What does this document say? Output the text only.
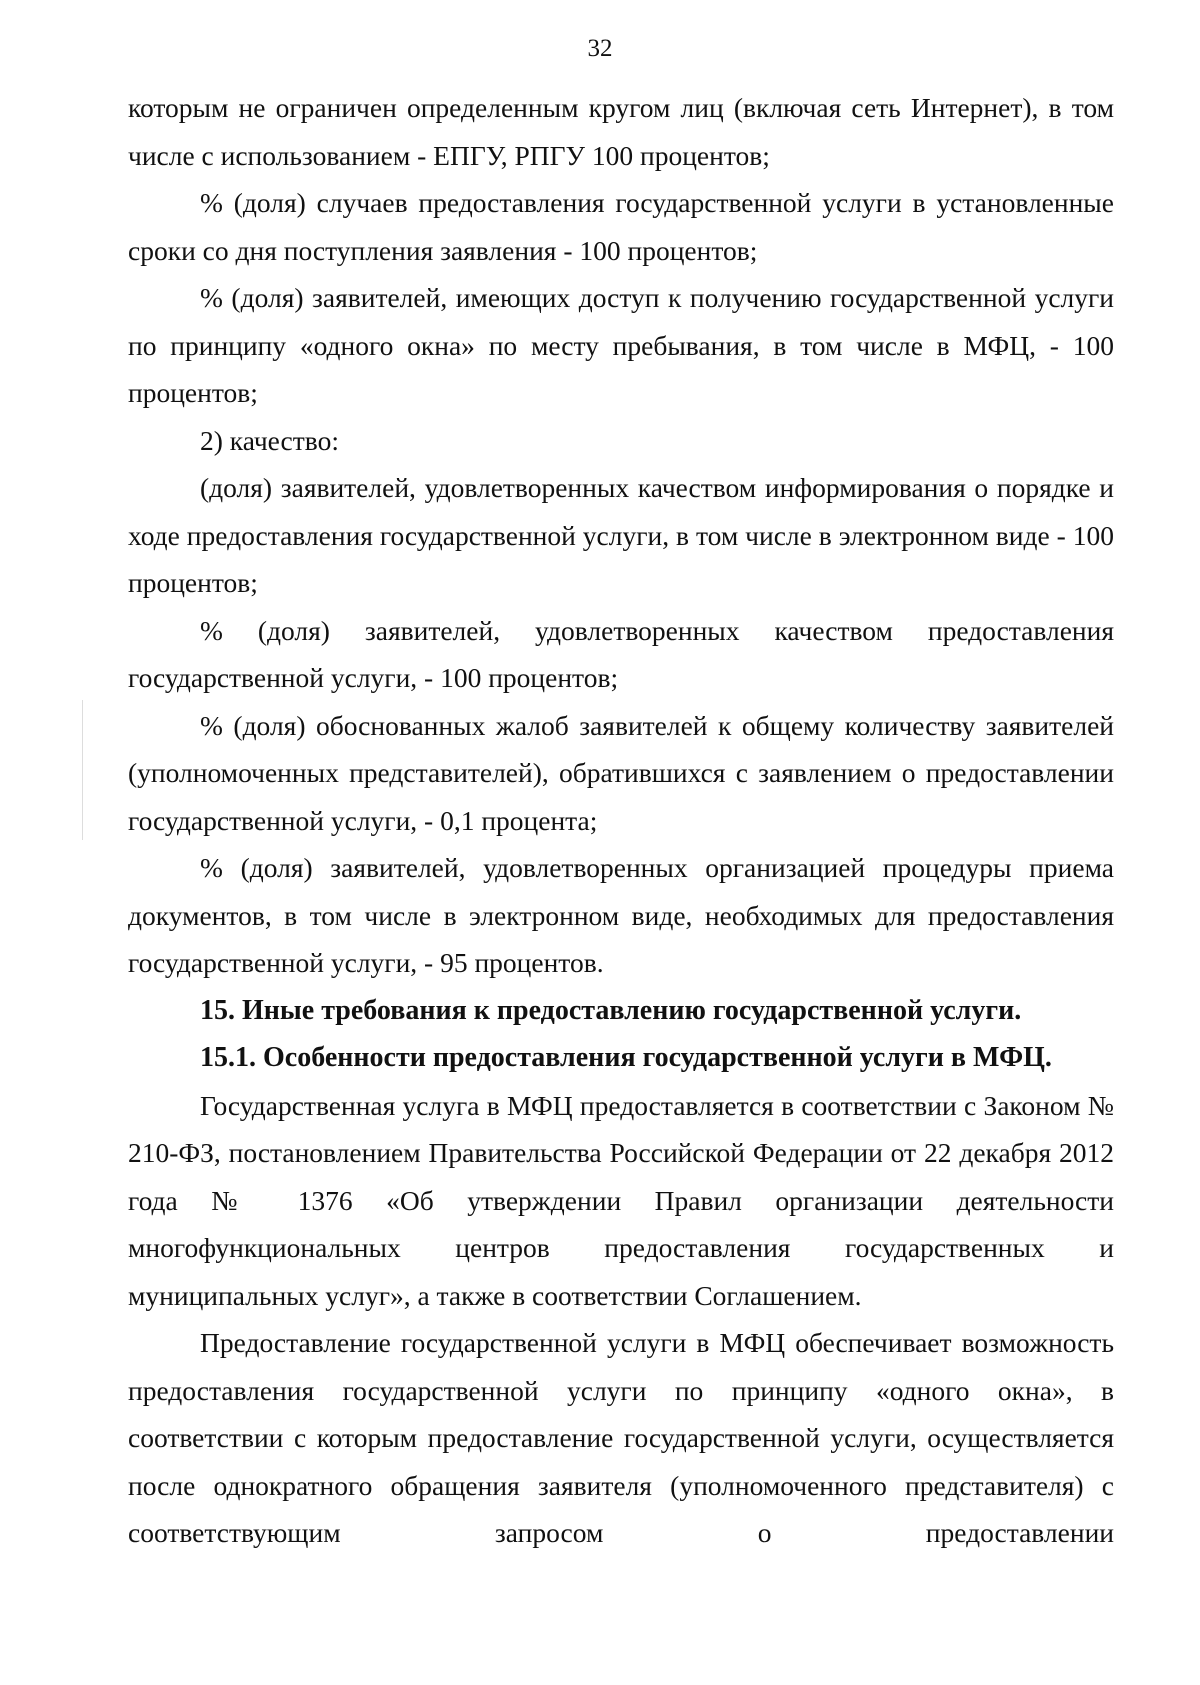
32

которым не ограничен определенным кругом лиц (включая сеть Интернет), в том числе с использованием - ЕПГУ, РПГУ 100 процентов;

% (доля) случаев предоставления государственной услуги в установленные сроки со дня поступления заявления - 100 процентов;

% (доля) заявителей, имеющих доступ к получению государственной услуги по принципу «одного окна» по месту пребывания, в том числе в МФЦ, - 100 процентов;

2) качество:

(доля) заявителей, удовлетворенных качеством информирования о порядке и ходе предоставления государственной услуги, в том числе в электронном виде - 100 процентов;

% (доля) заявителей, удовлетворенных качеством предоставления государственной услуги, - 100 процентов;

% (доля) обоснованных жалоб заявителей к общему количеству заявителей (уполномоченных представителей), обратившихся с заявлением о предоставлении государственной услуги, - 0,1 процента;

% (доля) заявителей, удовлетворенных организацией процедуры приема документов, в том числе в электронном виде, необходимых для предоставления государственной услуги, - 95 процентов.

15. Иные требования к предоставлению государственной услуги.

15.1. Особенности предоставления государственной услуги в МФЦ.

Государственная услуга в МФЦ предоставляется в соответствии с Законом № 210-ФЗ, постановлением Правительства Российской Федерации от 22 декабря 2012 года № 1376 «Об утверждении Правил организации деятельности многофункциональных центров предоставления государственных и муниципальных услуг», а также в соответствии Соглашением.

Предоставление государственной услуги в МФЦ обеспечивает возможность предоставления государственной услуги по принципу «одного окна», в соответствии с которым предоставление государственной услуги, осуществляется после однократного обращения заявителя (уполномоченного представителя) с соответствующим запросом о предоставлении
